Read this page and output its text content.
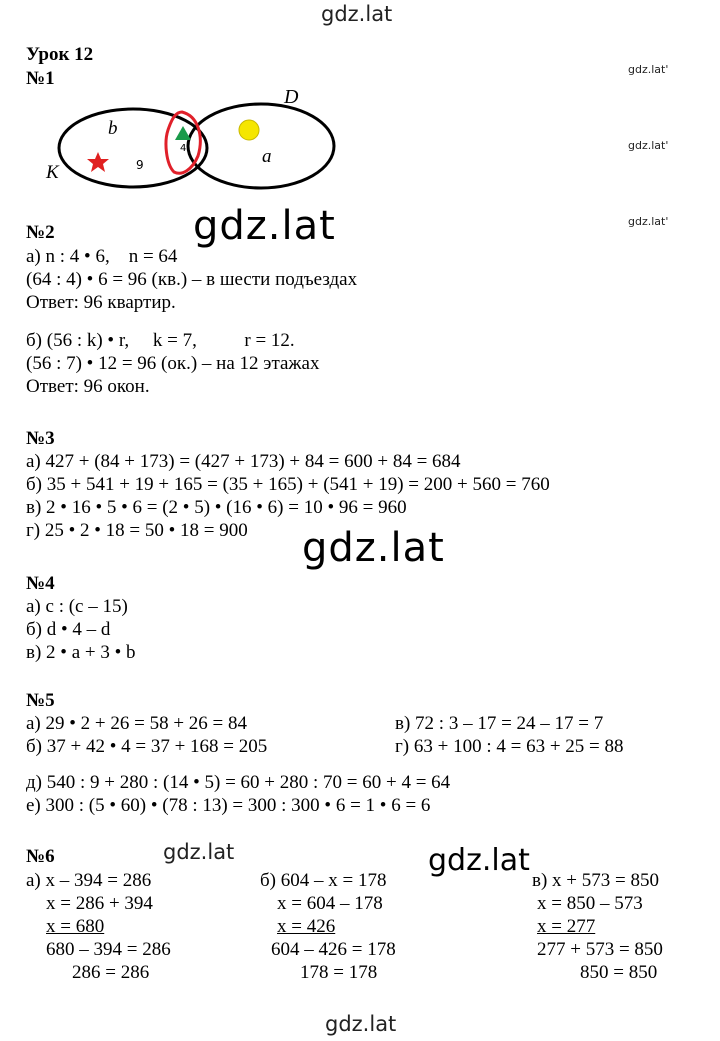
gdz.lat
gdz.lat'
gdz.lat'
gdz.lat'
gdz.lat
gdz.lat
gdz.lat	gdz.lat
gdz.lat
Урок 12
№1
D
K
b
a
9
4
№2
а) n : 4 • 6,    n = 64
(64 : 4) • 6 = 96 (кв.) – в шести подъездах
Ответ: 96 квартир.
б) (56 : k) • r,     k = 7,          r = 12.
(56 : 7) • 12 = 96 (ок.) – на 12 этажах
Ответ: 96 окон.
№3
а) 427 + (84 + 173) = (427 + 173) + 84 = 600 + 84 = 684
б) 35 + 541 + 19 + 165 = (35 + 165) + (541 + 19) = 200 + 560 = 760
в) 2 • 16 • 5 • 6 = (2 • 5) • (16 • 6) = 10 • 96 = 960
г) 25 • 2 • 18 = 50 • 18 = 900
№4
а) c : (c – 15)
б) d • 4 – d
в) 2 • a + 3 • b
№5
а) 29 • 2 + 26 = 58 + 26 = 84
б) 37 + 42 • 4 = 37 + 168 = 205
в) 72 : 3 – 17 = 24 – 17 = 7
г) 63 + 100 : 4 = 63 + 25 = 88
д) 540 : 9 + 280 : (14 • 5) = 60 + 280 : 70 = 60 + 4 = 64
е) 300 : (5 • 60) • (78 : 13) = 300 : 300 • 6 = 1 • 6 = 6
№6
а) x – 394 = 286
x = 286 + 394
x = 680
680 – 394 = 286
286 = 286
б) 604 – x = 178
x = 604 – 178
x = 426
604 – 426 = 178
178 = 178
в) x + 573 = 850
x = 850 – 573
x = 277
277 + 573 = 850
850 = 850
